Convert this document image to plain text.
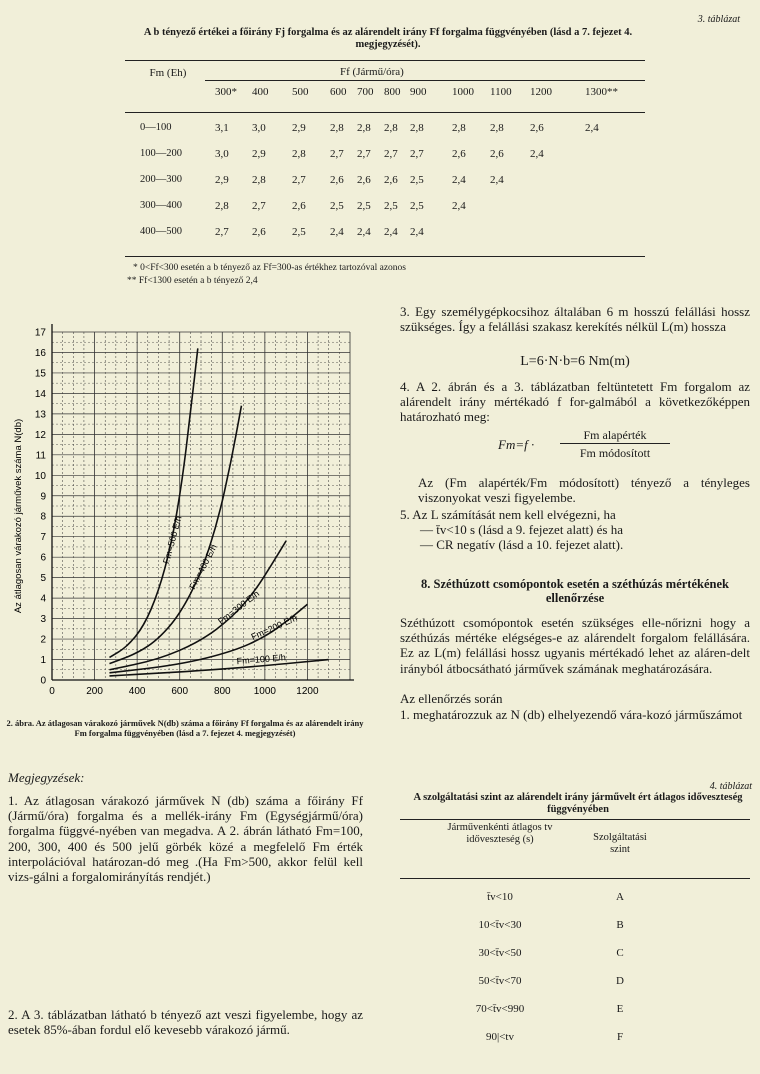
3. táblázat
A b tényező értékei a főirány Fj forgalma és az alárendelt irány Ff forgalma függvényében (lásd a 7. fejezet 4. megjegyzését).
Fm (Eh)	Ff (Jármű/óra)
300* 400 500 600 700 800 900 1000 1100 1200	1300**
0—100	3,1 3,0 2,9 2,8 2,8 2,8 2,8	2,8 2,8 2,6	2,4
100—200	3,0 2,9 2,8 2,7 2,7 2,7 2,7	2,6 2,6 2,4
200—300	2,9 2,8 2,7 2,6 2,6 2,6 2,5	2,4 2,4
300—400	2,8 2,7 2,6 2,5 2,5 2,5 2,5	2,4
400—500	2,7 2,6 2,5 2,4 2,4 2,4 2,4
* 0<Ff<300 esetén a b tényező az Ff=300-as értékhez tartozóval azonos
** Ff<1300 esetén a b tényező 2,4
0	200	400	600	800 1000 1200
0
1
2
3
4
5
6
7
8
9
10
11
12
13
14
15
16
17
Az átlagosan várakozó járművek száma N(db)	Fm=500 E/h
Fm=400 E/h
Fm=300 E/h
Fm=200 E/h
Fm=100 E/h
2. ábra. Az átlagosan várakozó járművek N(db) száma a főirány Ff forgalma és az alárendelt irány Fm forgalma függvényében (lásd a 7. fejezet 4. megjegyzését)
Megjegyzések:
1. Az átlagosan várakozó járművek N (db) száma a főirány Ff (Jármű/óra) forgalma és a mellék-irány Fm (Egységjármű/óra) forgalma függvé-nyében van megadva. A 2. ábrán látható Fm=100, 200, 300, 400 és 500 jelű görbék közé a megfelelő Fm érték interpolációval határozan-dó meg .(Ha Fm>500, akkor felül kell vizs-gálni a forgalomirányítás rendjét.)
2. A 3. táblázatban látható b tényező azt veszi figyelembe, hogy az esetek 85%-ában fordul elő kevesebb várakozó jármű.
3. Egy személygépkocsihoz általában 6 m hosszú felállási hossz szükséges. Így a felállási szakasz kerekítés nélkül L(m) hossza
L=6·N·b=6 Nm(m)
4. A 2. ábrán és a 3. táblázatban feltüntetett Fm forgalom az alárendelt irány mértékadó f for-galmából a következőképpen határozható meg:
Fm=f ·
Fm alapérték
Fm módosított
Az (Fm alapérték/Fm módosított) tényező a tényleges viszonyokat veszi figyelembe.
5. Az L számítását nem kell elvégezni, ha
— t̄v<10 s (lásd a 9. fejezet alatt) és ha
— CR negatív (lásd a 10. fejezet alatt).
8. Széthúzott csomópontok esetén a széthúzás mértékének ellenőrzése
Széthúzott csomópontok esetén szükséges elle-nőrizni hogy a széthúzás mértéke elégséges-e az alárendelt forgalom felállására. Ez az L(m) felállási hossz ugyanis mértékadó lehet az aláren-delt irányból átbocsátható járművek számának meghatározására.
Az ellenőrzés során
1. meghatározzuk az N (db) elhelyezendő vára-kozó járműszámot
4. táblázat
A szolgáltatási szint az alárendelt irány járművelt ért átlagos időveszteség függvényében
Járművenkénti átlagos tv időveszteség (s)	Szolgáltatási szint
t̄v<10	A
10<t̄v<30	B
30<t̄v<50	C
50<t̄v<70	D
70<t̄v<990	E
90|<tv	F
